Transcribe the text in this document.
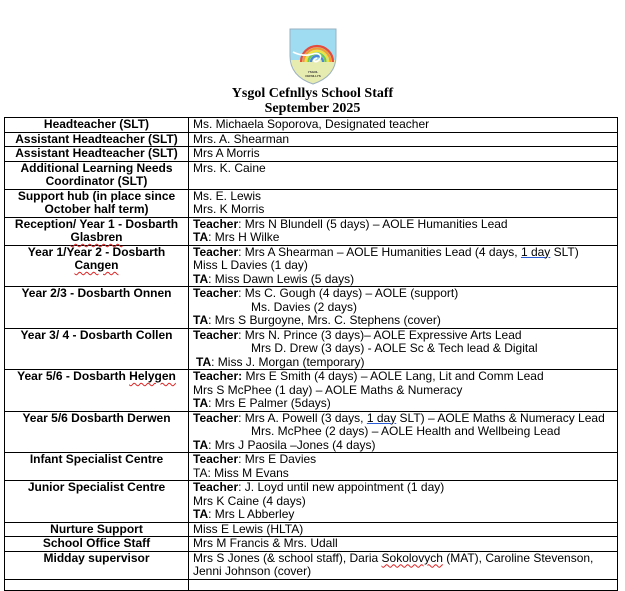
YSGOL
CEFNLLYS
Ysgol Cefnllys School Staff
September 2025
Headteacher (SLT)	Ms. Michaela Soporova, Designated teacher

Assistant Headteacher (SLT)	Mrs. A. Shearman

Assistant Headteacher (SLT)	Mrs A Morris

Additional Learning Needs Coordinator (SLT)	Mrs. K. Caine

Support hub (in place since October half term)	Ms. E. Lewis
Mrs. K Morris

Reception/ Year 1 - Dosbarth
Glasbren	Teacher: Mrs N Blundell (5 days) – AOLE Humanities Lead
TA: Mrs H Wilke

Year 1/Year 2 - Dosbarth
Cangen	Teacher: Mrs A Shearman – AOLE Humanities Lead (4 days, 1 day SLT)
Miss L Davies (1 day)
TA: Miss Dawn Lewis (5 days)

Year 2/3 - Dosbarth Onnen	Teacher: Ms C. Gough (4 days) – AOLE (support)
Ms. Davies (2 days)
TA: Mrs S Burgoyne, Mrs. C. Stephens (cover)

Year 3/ 4 - Dosbarth Collen	Teacher: Mrs N. Prince (3 days)– AOLE Expressive Arts Lead
Mrs D. Drew (3 days) - AOLE Sc & Tech lead & Digital
TA: Miss J. Morgan (temporary)

Year 5/6 - Dosbarth Helygen	Teacher: Mrs E Smith (4 days) – AOLE Lang, Lit and Comm Lead
Mrs S McPhee (1 day) – AOLE Maths & Numeracy
TA: Mrs E Palmer (5days)

Year 5/6 Dosbarth Derwen	Teacher: Mrs A. Powell (3 days, 1 day SLT) – AOLE Maths & Numeracy Lead
Mrs. McPhee (2 days) – AOLE Health and Wellbeing Lead
TA: Mrs J Paosila –Jones (4 days)

Infant Specialist Centre	Teacher: Mrs E Davies
TA: Miss M Evans

Junior Specialist Centre	Teacher: J. Loyd until new appointment (1 day)
Mrs K Caine (4 days)
TA: Mrs L Abberley

Nurture Support	Miss E Lewis (HLTA)

School Office Staff	Mrs M Francis & Mrs. Udall

Midday supervisor	Mrs S Jones (& school staff), Daria Sokolovych (MAT), Caroline Stevenson,
Jenni Johnson (cover)
